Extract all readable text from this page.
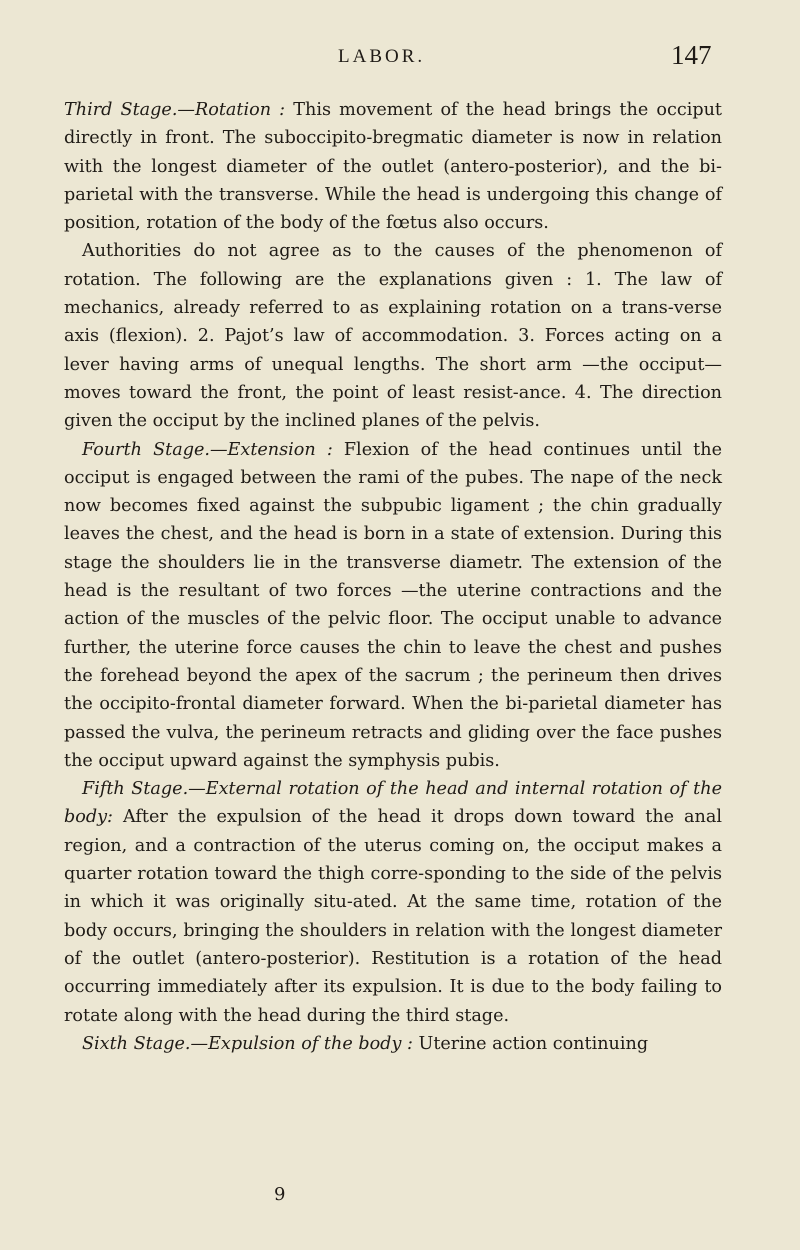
LABOR.	147

Third Stage.—Rotation : This movement of the head brings the occiput directly in front. The suboccipito-bregmatic diameter is now in relation with the longest diameter of the outlet (antero-posterior), and the bi-parietal with the transverse. While the head is undergoing this change of position, rotation of the body of the fœtus also occurs.

Authorities do not agree as to the causes of the phenomenon of rotation. The following are the explanations given : 1. The law of mechanics, already referred to as explaining rotation on a trans-verse axis (flexion). 2. Pajot’s law of accommodation. 3. Forces acting on a lever having arms of unequal lengths. The short arm —the occiput—moves toward the front, the point of least resist-ance. 4. The direction given the occiput by the inclined planes of the pelvis.

Fourth Stage.—Extension : Flexion of the head continues until the occiput is engaged between the rami of the pubes. The nape of the neck now becomes fixed against the subpubic ligament ; the chin gradually leaves the chest, and the head is born in a state of extension. During this stage the shoulders lie in the transverse diametr. The extension of the head is the resultant of two forces —the uterine contractions and the action of the muscles of the pelvic floor. The occiput unable to advance further, the uterine force causes the chin to leave the chest and pushes the forehead beyond the apex of the sacrum ; the perineum then drives the occipito-frontal diameter forward. When the bi-parietal diameter has passed the vulva, the perineum retracts and gliding over the face pushes the occiput upward against the symphysis pubis.

Fifth Stage.—External rotation of the head and internal rotation of the body: After the expulsion of the head it drops down toward the anal region, and a contraction of the uterus coming on, the occiput makes a quarter rotation toward the thigh corre-sponding to the side of the pelvis in which it was originally situ-ated. At the same time, rotation of the body occurs, bringing the shoulders in relation with the longest diameter of the outlet (antero-posterior). Restitution is a rotation of the head occurring immediately after its expulsion. It is due to the body failing to rotate along with the head during the third stage.

Sixth Stage.—Expulsion of the body : Uterine action continuing

9
